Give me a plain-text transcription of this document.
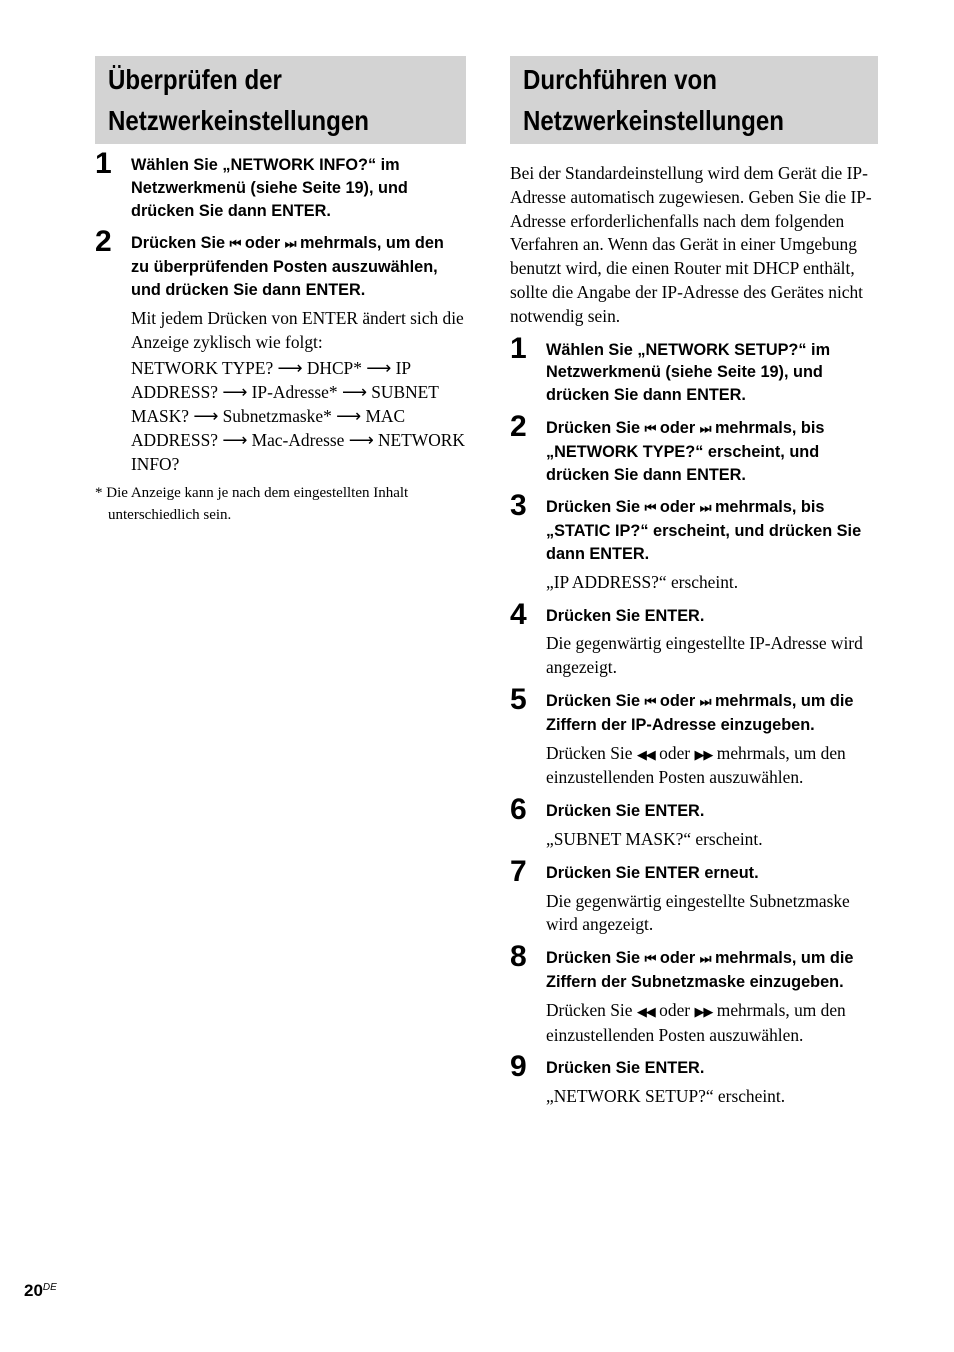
Überprüfen der
Netzwerkeinstellungen
1 Wählen Sie „NETWORK INFO?“ im Netzwerkmenü (siehe Seite 19), und drücken Sie dann ENTER.
2 Drücken Sie ⏮ oder ⏭ mehrmals, um den zu überprüfenden Posten auszuwählen, und drücken Sie dann ENTER.
Mit jedem Drücken von ENTER ändert sich die Anzeige zyklisch wie folgt:
NETWORK TYPE? ⟶ DHCP* ⟶ IP ADDRESS? ⟶ IP-Adresse* ⟶ SUBNET MASK? ⟶ Subnetzmaske* ⟶ MAC ADDRESS? ⟶ Mac-Adresse ⟶ NETWORK INFO?
* Die Anzeige kann je nach dem eingestellten Inhalt unterschiedlich sein.
Durchführen von
Netzwerkeinstellungen

Bei der Standardeinstellung wird dem Gerät die IP-Adresse automatisch zugewiesen. Geben Sie die IP-Adresse erforderlichenfalls nach dem folgenden Verfahren an. Wenn das Gerät in einer Umgebung benutzt wird, die einen Router mit DHCP enthält, sollte die Angabe der IP-Adresse des Gerätes nicht notwendig sein.

1 Wählen Sie „NETWORK SETUP?“ im Netzwerkmenü (siehe Seite 19), und drücken Sie dann ENTER.
2 Drücken Sie ⏮ oder ⏭ mehrmals, bis „NETWORK TYPE?“ erscheint, und drücken Sie dann ENTER.
3 Drücken Sie ⏮ oder ⏭ mehrmals, bis „STATIC IP?“ erscheint, und drücken Sie dann ENTER.
„IP ADDRESS?“ erscheint.
4 Drücken Sie ENTER.
Die gegenwärtig eingestellte IP-Adresse wird angezeigt.
5 Drücken Sie ⏮ oder ⏭ mehrmals, um die Ziffern der IP-Adresse einzugeben.
Drücken Sie ◀◀ oder ▶▶ mehrmals, um den einzustellenden Posten auszuwählen.
6 Drücken Sie ENTER.
„SUBNET MASK?“ erscheint.
7 Drücken Sie ENTER erneut.
Die gegenwärtig eingestellte Subnetzmaske wird angezeigt.
8 Drücken Sie ⏮ oder ⏭ mehrmals, um die Ziffern der Subnetzmaske einzugeben.
Drücken Sie ◀◀ oder ▶▶ mehrmals, um den einzustellenden Posten auszuwählen.
9 Drücken Sie ENTER.
„NETWORK SETUP?“ erscheint.
20DE
